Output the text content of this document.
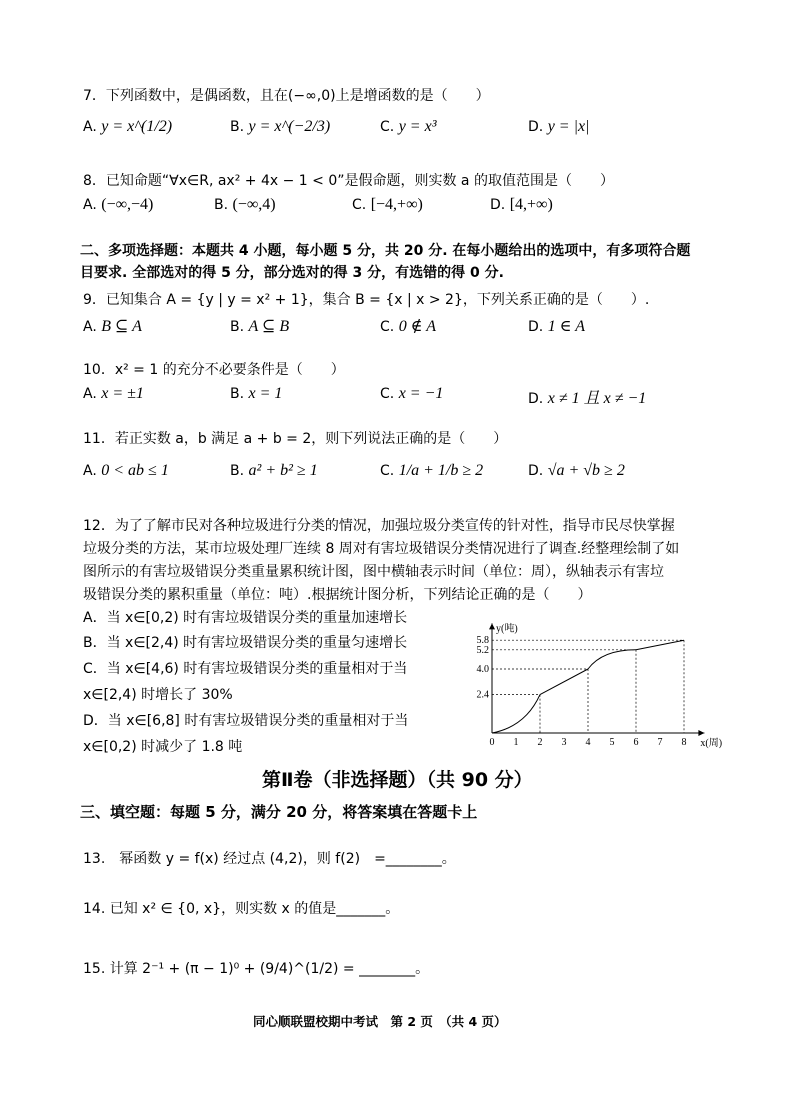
7．下列函数中，是偶函数，且在(−∞,0)上是增函数的是（　　）
A. y = x^(1/2)	B. y = x^(−2/3)	C. y = x³	D. y = |x|
8．已知命题“∀x∈R, ax² + 4x − 1 < 0”是假命题，则实数 a 的取值范围是（　　）
A. (−∞,−4)	B. (−∞,4)	C. [−4,+∞)	D. [4,+∞)
二、多项选择题：本题共 4 小题，每小题 5 分，共 20 分. 在每小题给出的选项中，有多项符合题
目要求. 全部选对的得 5 分，部分选对的得 3 分，有选错的得 0 分.
9．已知集合 A = {y | y = x² + 1}，集合 B = {x | x > 2}，下列关系正确的是（　　）.
A. B ⊆ A	B. A ⊆ B	C. 0 ∉ A	D. 1 ∈ A
10．x² = 1 的充分不必要条件是（　　）
A. x = ±1	B. x = 1	C. x = −1	D. x ≠ 1 且 x ≠ −1
11．若正实数 a，b 满足 a + b = 2，则下列说法正确的是（　　）
A. 0 < ab ≤ 1	B. a² + b² ≥ 1	C. 1/a + 1/b ≥ 2	D. √a + √b ≥ 2
12．为了了解市民对各种垃圾进行分类的情况，加强垃圾分类宣传的针对性，指导市民尽快掌握
垃圾分类的方法，某市垃圾处理厂连续 8 周对有害垃圾错误分类情况进行了调查.经整理绘制了如
图所示的有害垃圾错误分类重量累积统计图，图中横轴表示时间（单位：周），纵轴表示有害垃
圾错误分类的累积重量（单位：吨）.根据统计图分析，下列结论正确的是（　　）
A．当 x∈[0,2) 时有害垃圾错误分类的重量加速增长
B．当 x∈[2,4) 时有害垃圾错误分类的重量匀速增长
C．当 x∈[4,6) 时有害垃圾错误分类的重量相对于当
x∈[2,4) 时增长了 30%
D．当 x∈[6,8] 时有害垃圾错误分类的重量相对于当
x∈[0,2) 时减少了 1.8 吨
y(吨)
x(周)
0 1 2 3 4 5 6 7 8
2.4
4.0
5.2
5.8
第Ⅱ卷（非选择题）（共 90 分）
三、填空题：每题 5 分，满分 20 分，将答案填在答题卡上
13.　幂函数 y = f(x) 经过点 (4,2)，则 f(2)　=________。
14. 已知 x² ∈ {0, x}，则实数 x 的值是_______。
15. 计算 2⁻¹ + (π − 1)⁰ + (9/4)^(1/2) = ________。
同心顺联盟校期中考试　第 2 页　（共 4 页）
